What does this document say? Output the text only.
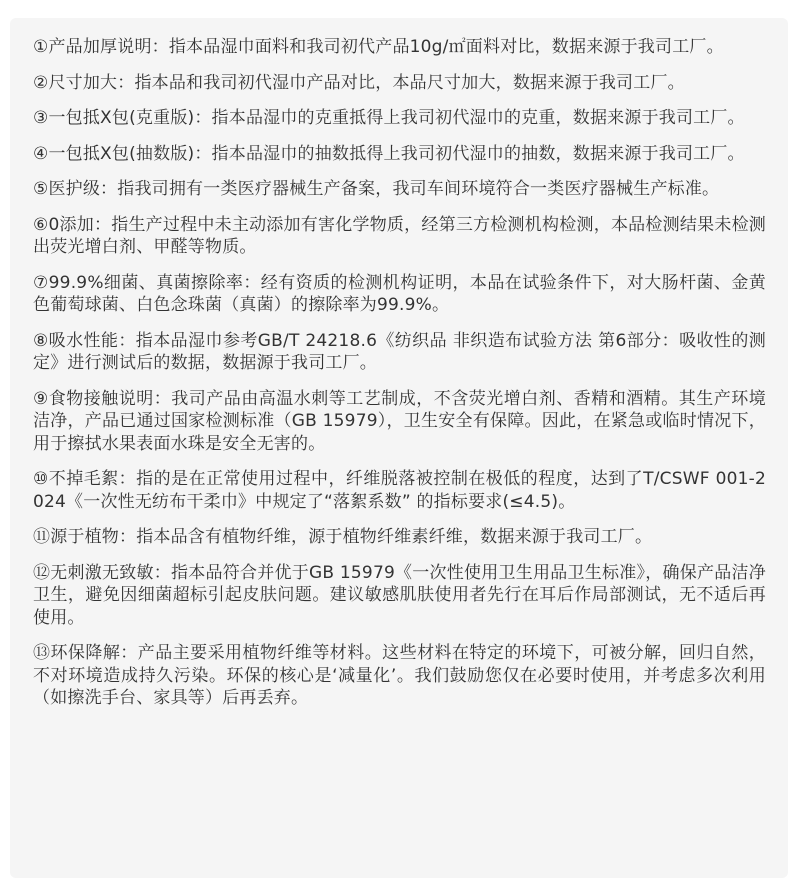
①产品加厚说明：指本品湿巾面料和我司初代产品10g/㎡面料对比，数据来源于我司工厂。

②尺寸加大：指本品和我司初代湿巾产品对比，本品尺寸加大，数据来源于我司工厂。

③一包抵X包(克重版)：指本品湿巾的克重抵得上我司初代湿巾的克重，数据来源于我司工厂。

④一包抵X包(抽数版)：指本品湿巾的抽数抵得上我司初代湿巾的抽数，数据来源于我司工厂。

⑤医护级：指我司拥有一类医疗器械生产备案，我司车间环境符合一类医疗器械生产标准。

⑥0添加：指生产过程中未主动添加有害化学物质，经第三方检测机构检测，本品检测结果未检测出荧光增白剂、甲醛等物质。

⑦99.9%细菌、真菌擦除率：经有资质的检测机构证明，本品在试验条件下，对大肠杆菌、金黄色葡萄球菌、白色念珠菌（真菌）的擦除率为99.9%。

⑧吸水性能：指本品湿巾参考GB/T 24218.6《纺织品 非织造布试验方法 第6部分：吸收性的测定》进行测试后的数据，数据源于我司工厂。

⑨食物接触说明：我司产品由高温水刺等工艺制成，不含荧光增白剂、香精和酒精。其生产环境洁净，产品已通过国家检测标准（GB 15979），卫生安全有保障。因此，在紧急或临时情况下，用于擦拭水果表面水珠是安全无害的。

⑩不掉毛絮：指的是在正常使用过程中，纤维脱落被控制在极低的程度，达到了T/CSWF 001-2024《一次性无纺布干柔巾》中规定了“落絮系数” 的指标要求(≤4.5)。

⑪源于植物：指本品含有植物纤维，源于植物纤维素纤维，数据来源于我司工厂。

⑫无刺激无致敏：指本品符合并优于GB 15979《一次性使用卫生用品卫生标准》，确保产品洁净卫生，避免因细菌超标引起皮肤问题。建议敏感肌肤使用者先行在耳后作局部测试，无不适后再使用。

⑬环保降解：产品主要采用植物纤维等材料。这些材料在特定的环境下，可被分解，回归自然，不对环境造成持久污染。环保的核心是‘减量化’。我们鼓励您仅在必要时使用，并考虑多次利用（如擦洗手台、家具等）后再丢弃。
